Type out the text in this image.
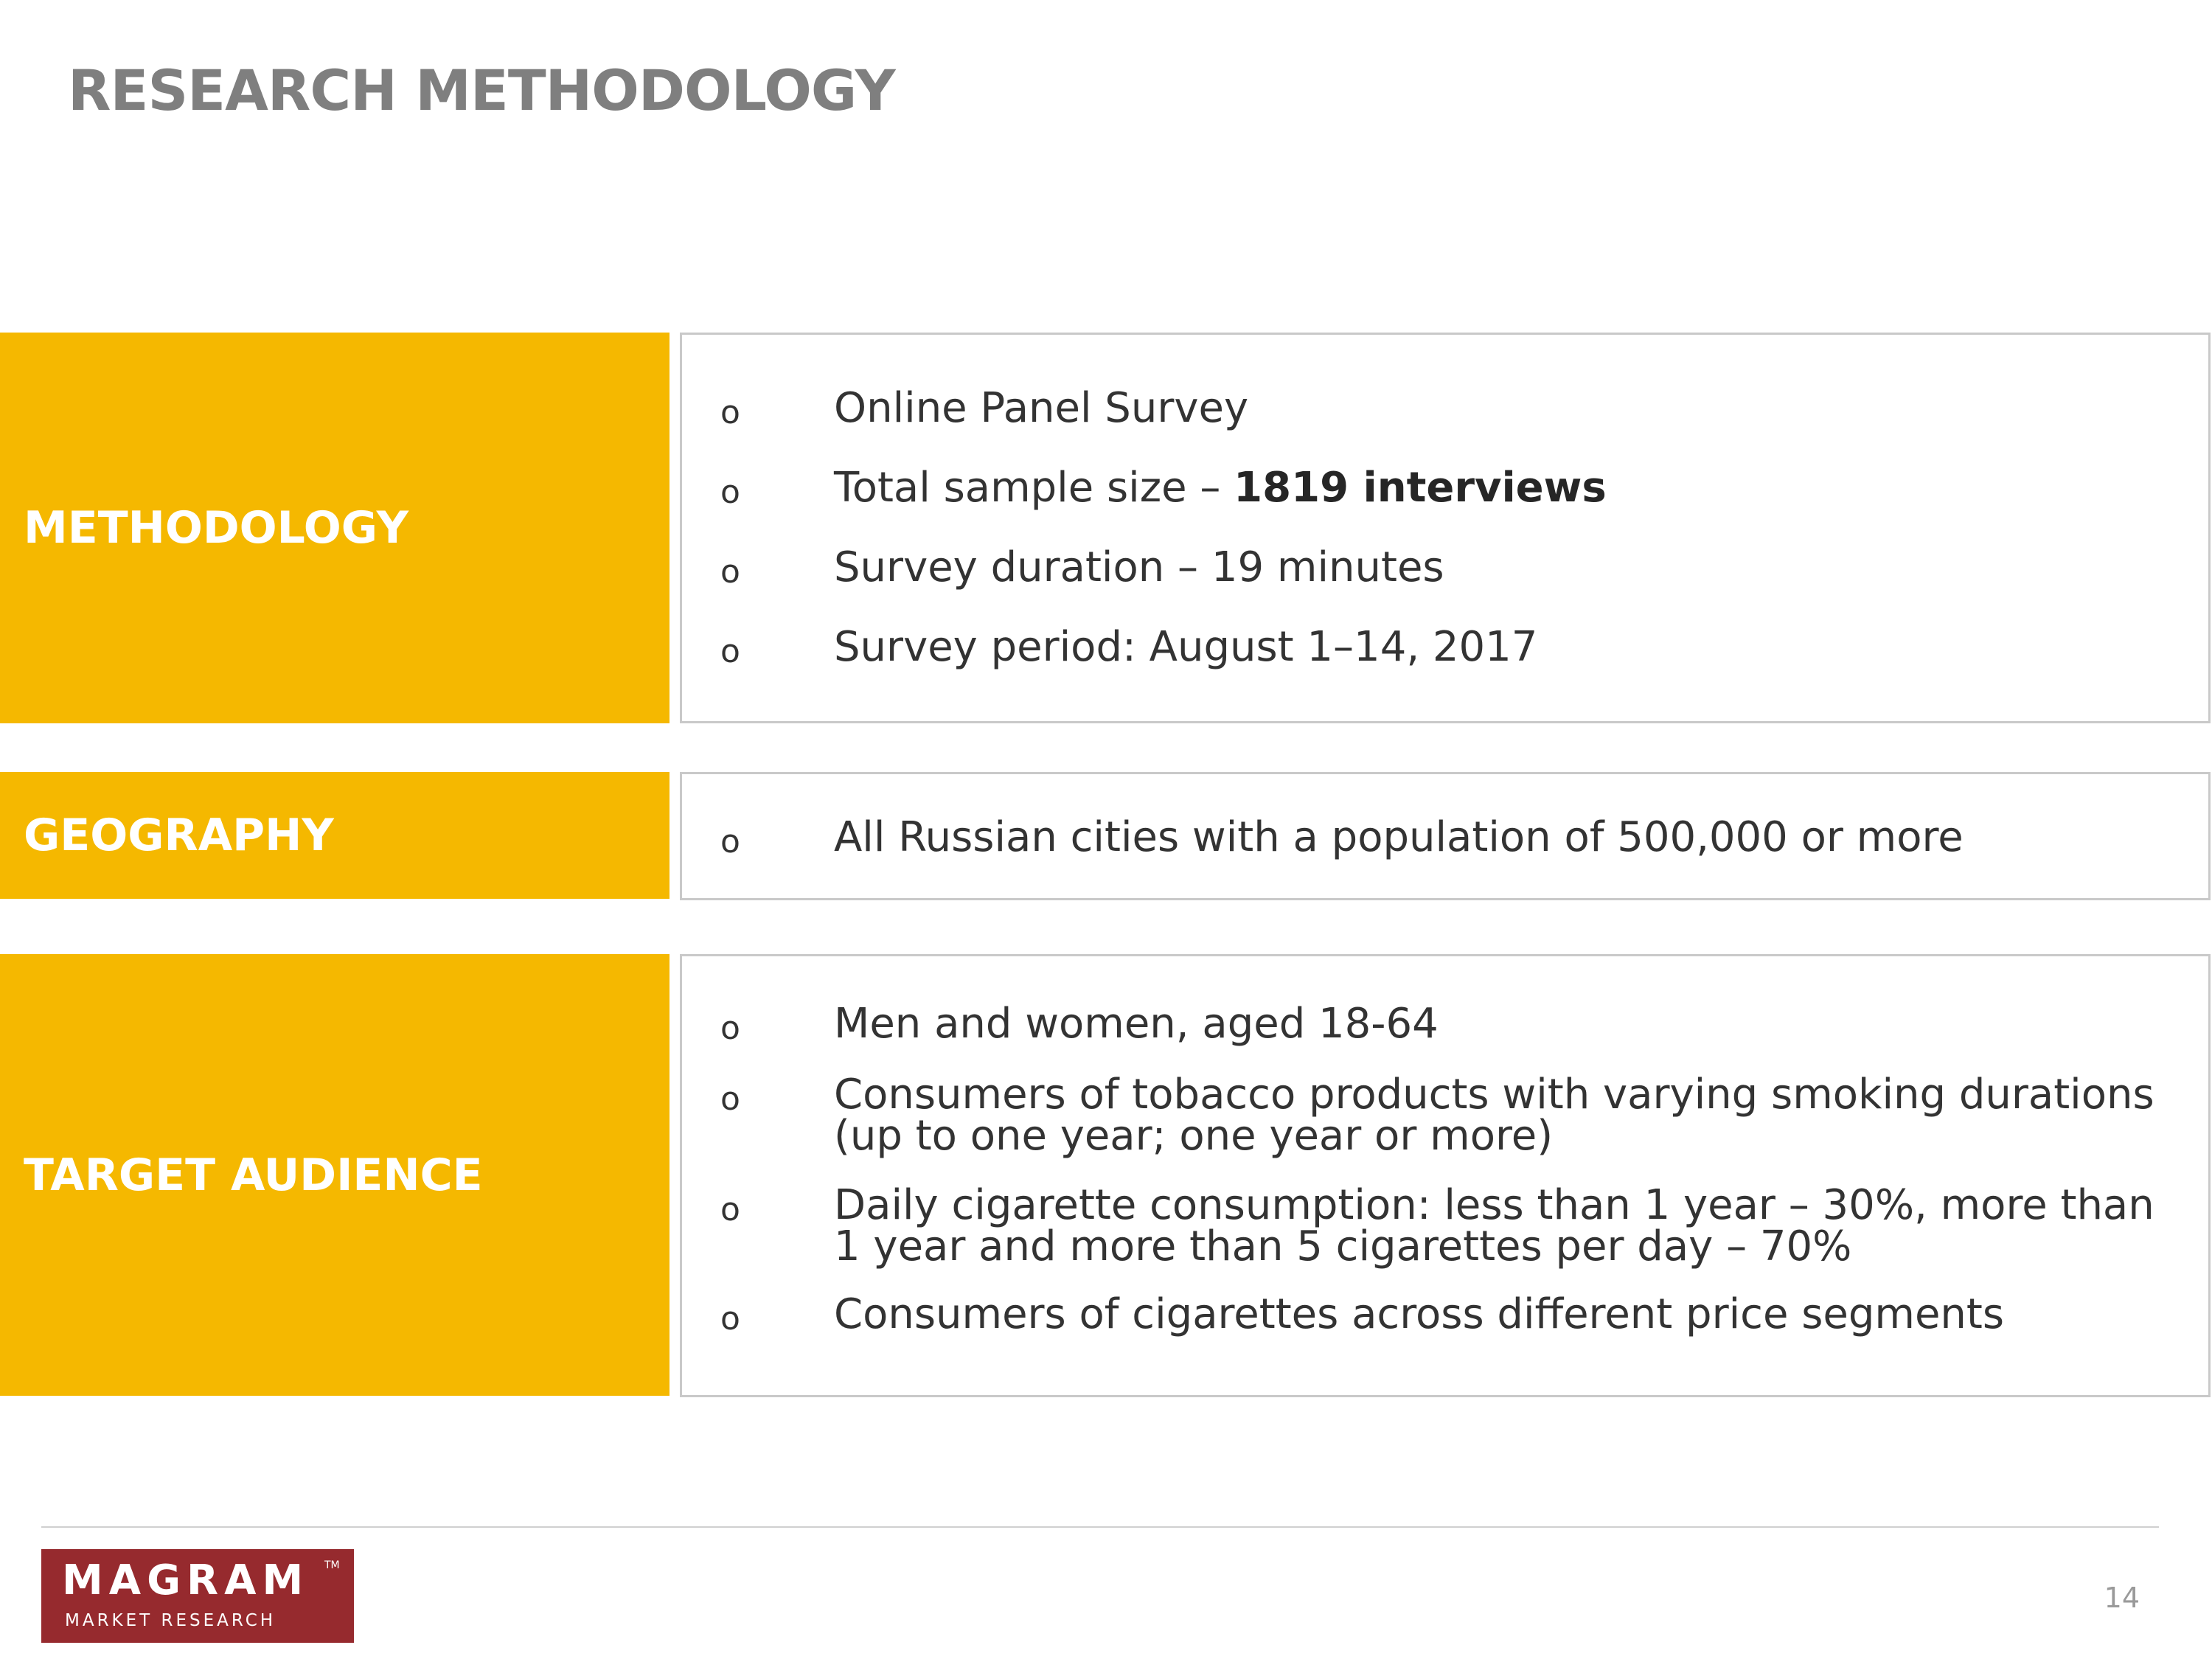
RESEARCH METHODOLOGY
METHODOLOGY
o Online Panel Survey
o Total sample size – 1819 interviews
o Survey duration – 19 minutes
o Survey period: August 1–14, 2017
GEOGRAPHY	o All Russian cities with a population of 500,000 or more
TARGET AUDIENCE
o Men and women, aged 18-64
o Consumers of tobacco products with varying smoking durations (up to one year; one year or more)
o Daily cigarette consumption: less than 1 year – 30%, more than 1 year and more than 5 cigarettes per day – 70%
o Consumers of cigarettes across different price segments
MAGRAM TM
MARKET RESEARCH
14
